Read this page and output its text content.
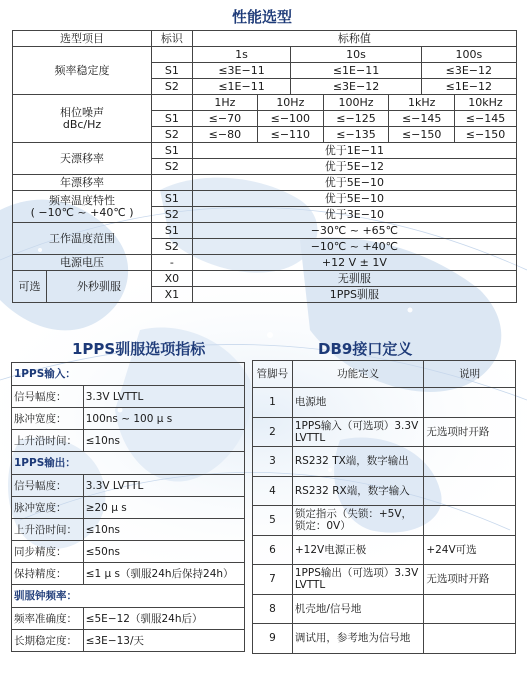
性能选型
选型项目		标识	标称值						
频率稳定度			1s		10s			100s	
		S1	≤3E−11		≤1E−11			≤3E−12	
		S2	≤1E−11		≤3E−12			≤1E−12	
相位噪声
dBc/Hz			1Hz	10Hz		100Hz	1kHz		10kHz
		S1	≤−70	≤−100		≤−125	≤−145		≤−145
		S2	≤−80	≤−110		≤−135	≤−150		≤−150
天漂移率		S1	优于1E−11						
		S2	优于5E−12						
年漂移率			优于5E−10						
频率温度特性
( −10℃ ~ +40℃ )		S1	优于5E−10						
		S2	优于3E−10						
工作温度范围		S1	−30℃ ~ +65℃						
		S2	−10℃ ~ +40℃						
电源电压		-	+12 V ± 1V						
可选	外秒驯服	X0	无驯服						
		X1	1PPS驯服						
1PPS驯服选项指标	DB9接口定义
1PPS输入：	
信号幅度：	3.3V LVTTL
脉冲宽度：	100ns ~ 100 μ s
上升沿时间：	≤10ns
1PPS输出：	
信号幅度：	3.3V LVTTL
脉冲宽度：	≥20 μ s
上升沿时间：	≤10ns
同步精度：	≤50ns
保持精度：	≤1 μ s（驯服24h后保持24h）
驯服钟频率：	
频率准确度：	≤5E−12（驯服24h后）
长期稳定度：	≤3E−13/天
管脚号	功能定义	说明
1	电源地	
2	1PPS输入（可选项）3.3V LVTTL	无选项时开路
3	RS232 TX端，数字输出	
4	RS232 RX端，数字输入	
5	锁定指示（失锁：+5V，锁定：0V）	
6	+12V电源正极	+24V可选
7	1PPS输出（可选项）3.3V LVTTL	无选项时开路
8	机壳地/信号地	
9	调试用，参考地为信号地	
